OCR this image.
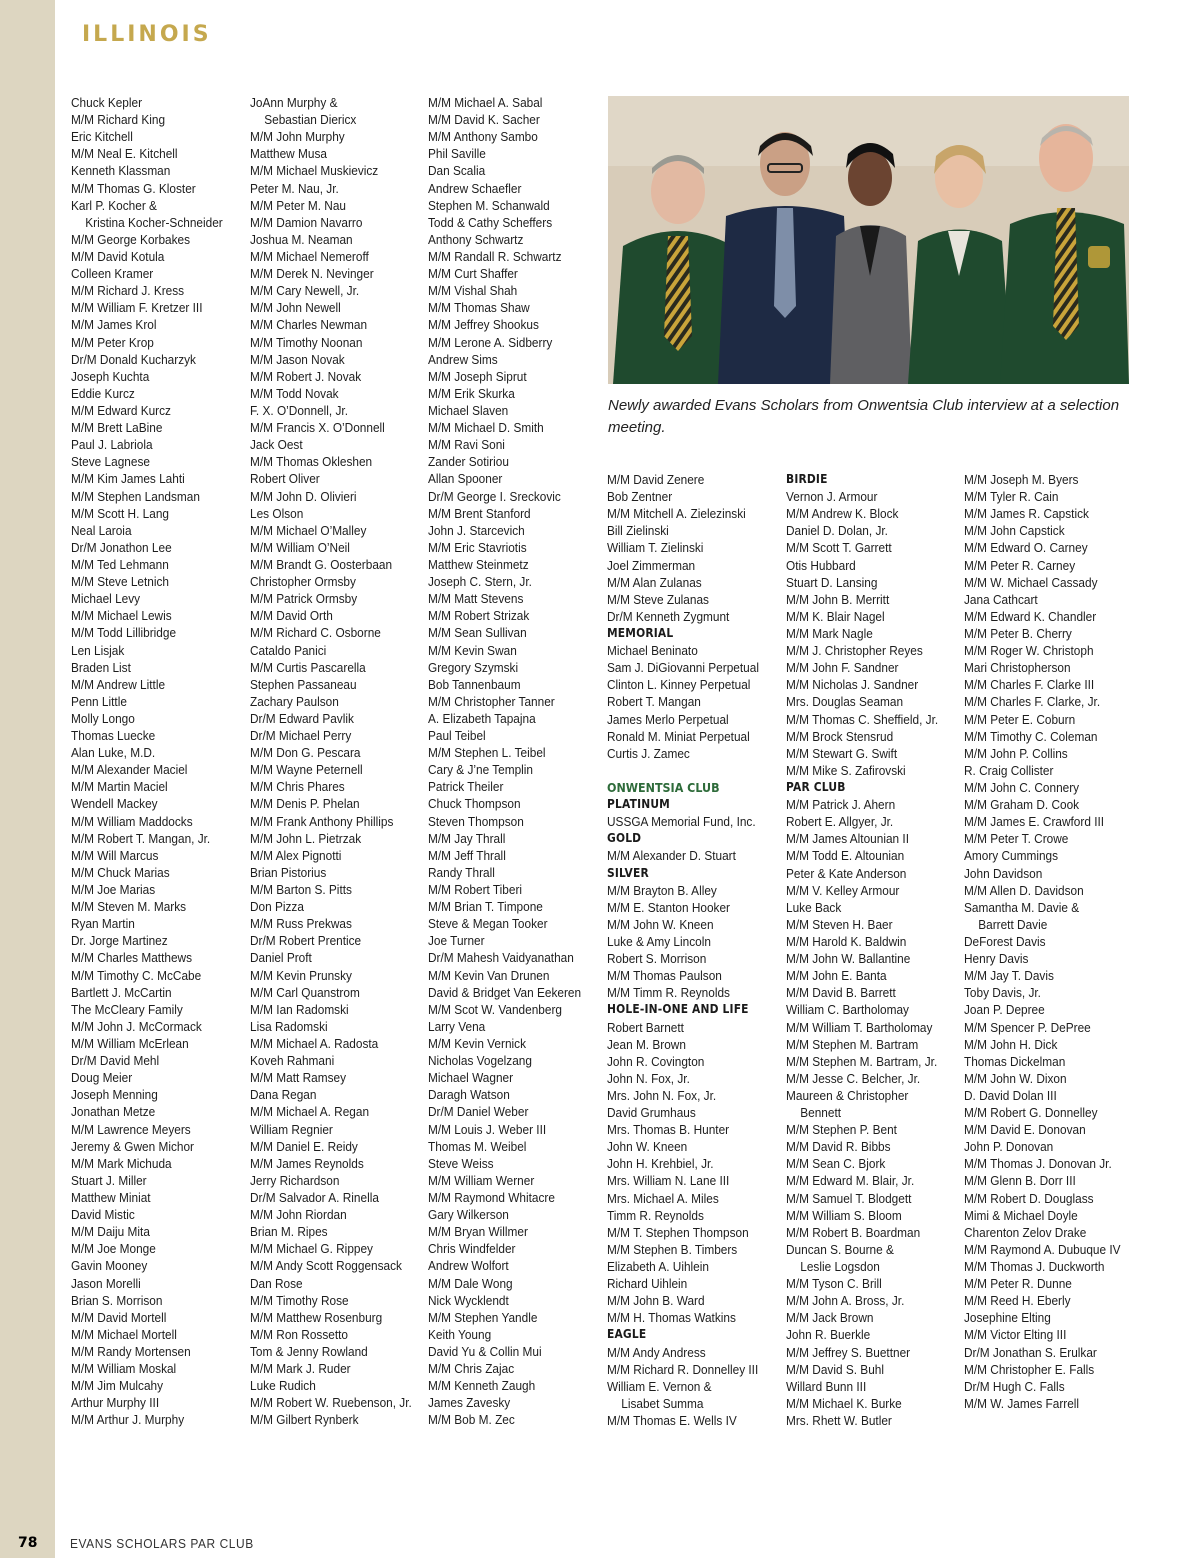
ILLINOIS
Chuck Kepler
M/M Richard King
Eric Kitchell
M/M Neal E. Kitchell
Kenneth Klassman
M/M Thomas G. Kloster
Karl P. Kocher &
Kristina Kocher-Schneider
M/M George Korbakes
M/M David Kotula
Colleen Kramer
M/M Richard J. Kress
M/M William F. Kretzer III
M/M James Krol
M/M Peter Krop
Dr/M Donald Kucharzyk
Joseph Kuchta
Eddie Kurcz
M/M Edward Kurcz
M/M Brett LaBine
Paul J. Labriola
Steve Lagnese
M/M Kim James Lahti
M/M Stephen Landsman
M/M Scott H. Lang
Neal Laroia
Dr/M Jonathon Lee
M/M Ted Lehmann
M/M Steve Letnich
Michael Levy
M/M Michael Lewis
M/M Todd Lillibridge
Len Lisjak
Braden List
M/M Andrew Little
Penn Little
Molly Longo
Thomas Luecke
Alan Luke, M.D.
M/M Alexander Maciel
M/M Martin Maciel
Wendell Mackey
M/M William Maddocks
M/M Robert T. Mangan, Jr.
M/M Will Marcus
M/M Chuck Marias
M/M Joe Marias
M/M Steven M. Marks
Ryan Martin
Dr. Jorge Martinez
M/M Charles Matthews
M/M Timothy C. McCabe
Bartlett J. McCartin
The McCleary Family
M/M John J. McCormack
M/M William McErlean
Dr/M David Mehl
Doug Meier
Joseph Menning
Jonathan Metze
M/M Lawrence Meyers
Jeremy & Gwen Michor
M/M Mark Michuda
Stuart J. Miller
Matthew Miniat
David Mistic
M/M Daiju Mita
M/M Joe Monge
Gavin Mooney
Jason Morelli
Brian S. Morrison
M/M David Mortell
M/M Michael Mortell
M/M Randy Mortensen
M/M William Moskal
M/M Jim Mulcahy
Arthur Murphy III
M/M Arthur J. Murphy
JoAnn Murphy &
Sebastian Diericx
M/M John Murphy
Matthew Musa
M/M Michael Muskievicz
Peter M. Nau, Jr.
M/M Peter M. Nau
M/M Damion Navarro
Joshua M. Neaman
M/M Michael Nemeroff
M/M Derek N. Nevinger
M/M Cary Newell, Jr.
M/M John Newell
M/M Charles Newman
M/M Timothy Noonan
M/M Jason Novak
M/M Robert J. Novak
M/M Todd Novak
F. X. O’Donnell, Jr.
M/M Francis X. O’Donnell
Jack Oest
M/M Thomas Okleshen
Robert Oliver
M/M John D. Olivieri
Les Olson
M/M Michael O’Malley
M/M William O’Neil
M/M Brandt G. Oosterbaan
Christopher Ormsby
M/M Patrick Ormsby
M/M David Orth
M/M Richard C. Osborne
Cataldo Panici
M/M Curtis Pascarella
Stephen Passaneau
Zachary Paulson
Dr/M Edward Pavlik
Dr/M Michael Perry
M/M Don G. Pescara
M/M Wayne Peternell
M/M Chris Phares
M/M Denis P. Phelan
M/M Frank Anthony Phillips
M/M John L. Pietrzak
M/M Alex Pignotti
Brian Pistorius
M/M Barton S. Pitts
Don Pizza
M/M Russ Prekwas
Dr/M Robert Prentice
Daniel Proft
M/M Kevin Prunsky
M/M Carl Quanstrom
M/M Ian Radomski
Lisa Radomski
M/M Michael A. Radosta
Koveh Rahmani
M/M Matt Ramsey
Dana Regan
M/M Michael A. Regan
William Regnier
M/M Daniel E. Reidy
M/M James Reynolds
Jerry Richardson
Dr/M Salvador A. Rinella
M/M John Riordan
Brian M. Ripes
M/M Michael G. Rippey
M/M Andy Scott Roggensack
Dan Rose
M/M Timothy Rose
M/M Matthew Rosenburg
M/M Ron Rossetto
Tom & Jenny Rowland
M/M Mark J. Ruder
Luke Rudich
M/M Robert W. Ruebenson, Jr.
M/M Gilbert Rynberk
M/M Michael A. Sabal
M/M David K. Sacher
M/M Anthony Sambo
Phil Saville
Dan Scalia
Andrew Schaefler
Stephen M. Schanwald
Todd & Cathy Scheffers
Anthony Schwartz
M/M Randall R. Schwartz
M/M Curt Shaffer
M/M Vishal Shah
M/M Thomas Shaw
M/M Jeffrey Shookus
M/M Lerone A. Sidberry
Andrew Sims
M/M Joseph Siprut
M/M Erik Skurka
Michael Slaven
M/M Michael D. Smith
M/M Ravi Soni
Zander Sotiriou
Allan Spooner
Dr/M George I. Sreckovic
M/M Brent Stanford
John J. Starcevich
M/M Eric Stavriotis
Matthew Steinmetz
Joseph C. Stern, Jr.
M/M Matt Stevens
M/M Robert Strizak
M/M Sean Sullivan
M/M Kevin Swan
Gregory Szymski
Bob Tannenbaum
M/M Christopher Tanner
A. Elizabeth Tapajna
Paul Teibel
M/M Stephen L. Teibel
Cary & J’ne Templin
Patrick Theiler
Chuck Thompson
Steven Thompson
M/M Jay Thrall
M/M Jeff Thrall
Randy Thrall
M/M Robert Tiberi
M/M Brian T. Timpone
Steve & Megan Tooker
Joe Turner
Dr/M Mahesh Vaidyanathan
M/M Kevin Van Drunen
David & Bridget Van Eekeren
M/M Scot W. Vandenberg
Larry Vena
M/M Kevin Vernick
Nicholas Vogelzang
Michael Wagner
Daragh Watson
Dr/M Daniel Weber
M/M Louis J. Weber III
Thomas M. Weibel
Steve Weiss
M/M William Werner
M/M Raymond Whitacre
Gary Wilkerson
M/M Bryan Willmer
Chris Windfelder
Andrew Wolfort
M/M Dale Wong
Nick Wycklendt
M/M Stephen Yandle
Keith Young
David Yu & Collin Mui
M/M Chris Zajac
M/M Kenneth Zaugh
James Zavesky
M/M Bob M. Zec
Newly awarded Evans Scholars from Onwentsia Club interview at a selection meeting.
M/M David Zenere
Bob Zentner
M/M Mitchell A. Zielezinski
Bill Zielinski
William T. Zielinski
Joel Zimmerman
M/M Alan Zulanas
M/M Steve Zulanas
Dr/M Kenneth Zygmunt
MEMORIAL
Michael Beninato
Sam J. DiGiovanni Perpetual
Clinton L. Kinney Perpetual
Robert T. Mangan
James Merlo Perpetual
Ronald M. Miniat Perpetual
Curtis J. Zamec
ONWENTSIA CLUB
PLATINUM
USSGA Memorial Fund, Inc.
GOLD
M/M Alexander D. Stuart
SILVER
M/M Brayton B. Alley
M/M E. Stanton Hooker
M/M John W. Kneen
Luke & Amy Lincoln
Robert S. Morrison
M/M Thomas Paulson
M/M Timm R. Reynolds
HOLE-IN-ONE AND LIFE
Robert Barnett
Jean M. Brown
John R. Covington
John N. Fox, Jr.
Mrs. John N. Fox, Jr.
David Grumhaus
Mrs. Thomas B. Hunter
John W. Kneen
John H. Krehbiel, Jr.
Mrs. William N. Lane III
Mrs. Michael A. Miles
Timm R. Reynolds
M/M T. Stephen Thompson
M/M Stephen B. Timbers
Elizabeth A. Uihlein
Richard Uihlein
M/M John B. Ward
M/M H. Thomas Watkins
EAGLE
M/M Andy Andress
M/M Richard R. Donnelley III
William E. Vernon &
Lisabet Summa
M/M Thomas E. Wells IV
BIRDIE
Vernon J. Armour
M/M Andrew K. Block
Daniel D. Dolan, Jr.
M/M Scott T. Garrett
Otis Hubbard
Stuart D. Lansing
M/M John B. Merritt
M/M K. Blair Nagel
M/M Mark Nagle
M/M J. Christopher Reyes
M/M John F. Sandner
M/M Nicholas J. Sandner
Mrs. Douglas Seaman
M/M Thomas C. Sheffield, Jr.
M/M Brock Stensrud
M/M Stewart G. Swift
M/M Mike S. Zafirovski
PAR CLUB
M/M Patrick J. Ahern
Robert E. Allgyer, Jr.
M/M James Altounian II
M/M Todd E. Altounian
Peter & Kate Anderson
M/M V. Kelley Armour
Luke Back
M/M Steven H. Baer
M/M Harold K. Baldwin
M/M John W. Ballantine
M/M John E. Banta
M/M David B. Barrett
William C. Bartholomay
M/M William T. Bartholomay
M/M Stephen M. Bartram
M/M Stephen M. Bartram, Jr.
M/M Jesse C. Belcher, Jr.
Maureen & Christopher
Bennett
M/M Stephen P. Bent
M/M David R. Bibbs
M/M Sean C. Bjork
M/M Edward M. Blair, Jr.
M/M Samuel T. Blodgett
M/M William S. Bloom
M/M Robert B. Boardman
Duncan S. Bourne &
Leslie Logsdon
M/M Tyson C. Brill
M/M John A. Bross, Jr.
M/M Jack Brown
John R. Buerkle
M/M Jeffrey S. Buettner
M/M David S. Buhl
Willard Bunn III
M/M Michael K. Burke
Mrs. Rhett W. Butler
M/M Joseph M. Byers
M/M Tyler R. Cain
M/M James R. Capstick
M/M John Capstick
M/M Edward O. Carney
M/M Peter R. Carney
M/M W. Michael Cassady
Jana Cathcart
M/M Edward K. Chandler
M/M Peter B. Cherry
M/M Roger W. Christoph
Mari Christopherson
M/M Charles F. Clarke III
M/M Charles F. Clarke, Jr.
M/M Peter E. Coburn
M/M Timothy C. Coleman
M/M John P. Collins
R. Craig Collister
M/M John C. Connery
M/M Graham D. Cook
M/M James E. Crawford III
M/M Peter T. Crowe
Amory Cummings
John Davidson
M/M Allen D. Davidson
Samantha M. Davie &
Barrett Davie
DeForest Davis
Henry Davis
M/M Jay T. Davis
Toby Davis, Jr.
Joan P. Depree
M/M Spencer P. DePree
M/M John H. Dick
Thomas Dickelman
M/M John W. Dixon
D. David Dolan III
M/M Robert G. Donnelley
M/M David E. Donovan
John P. Donovan
M/M Thomas J. Donovan Jr.
M/M Glenn B. Dorr III
M/M Robert D. Douglass
Mimi & Michael Doyle
Charenton Zelov Drake
M/M Raymond A. Dubuque IV
M/M Thomas J. Duckworth
M/M Peter R. Dunne
M/M Reed H. Eberly
Josephine Elting
M/M Victor Elting III
Dr/M Jonathan S. Erulkar
M/M Christopher E. Falls
Dr/M Hugh C. Falls
M/M W. James Farrell
78	EVANS SCHOLARS PAR CLUB
